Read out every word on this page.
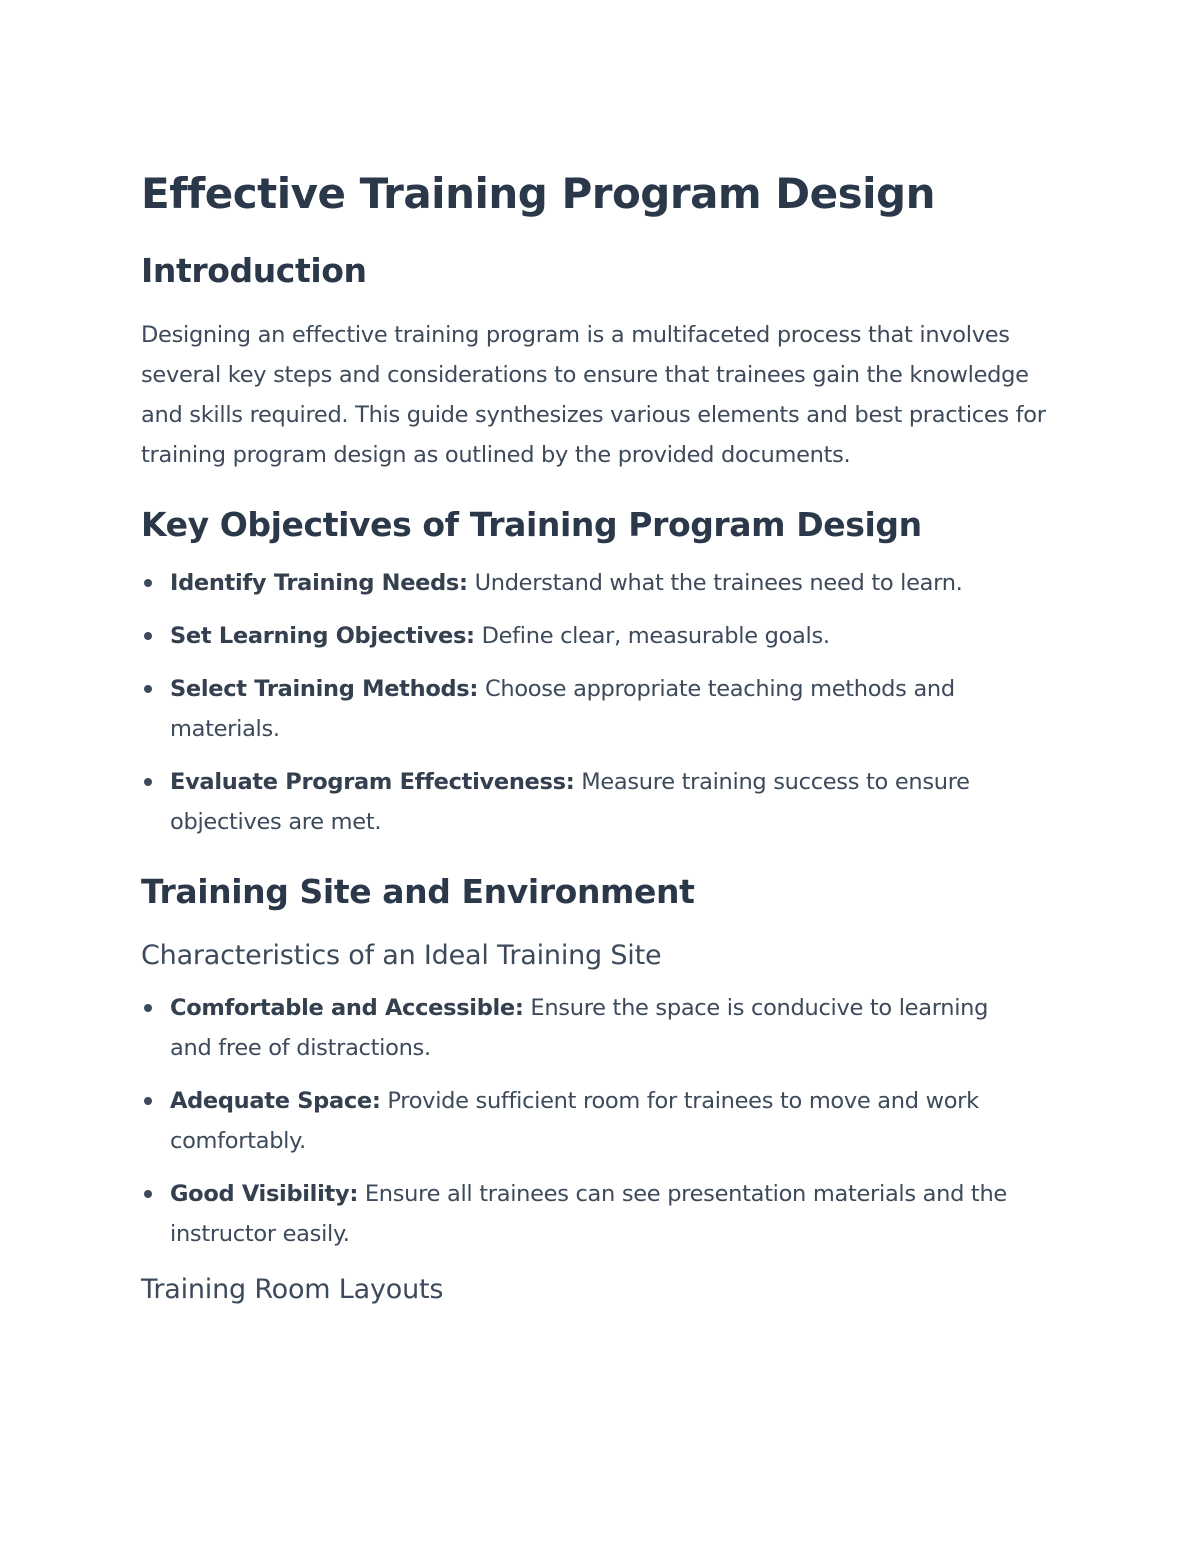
Effective Training Program Design
Introduction

Designing an effective training program is a multifaceted process that involves several key steps and considerations to ensure that trainees gain the knowledge and skills required. This guide synthesizes various elements and best practices for training program design as outlined by the provided documents.

Key Objectives of Training Program Design
Identify Training Needs: Understand what the trainees need to learn.
Set Learning Objectives: Define clear, measurable goals.
Select Training Methods: Choose appropriate teaching methods and materials.
Evaluate Program Effectiveness: Measure training success to ensure objectives are met.
Training Site and Environment
Characteristics of an Ideal Training Site
Comfortable and Accessible: Ensure the space is conducive to learning and free of distractions.
Adequate Space: Provide sufficient room for trainees to move and work comfortably.
Good Visibility: Ensure all trainees can see presentation materials and the instructor easily.
Training Room Layouts
